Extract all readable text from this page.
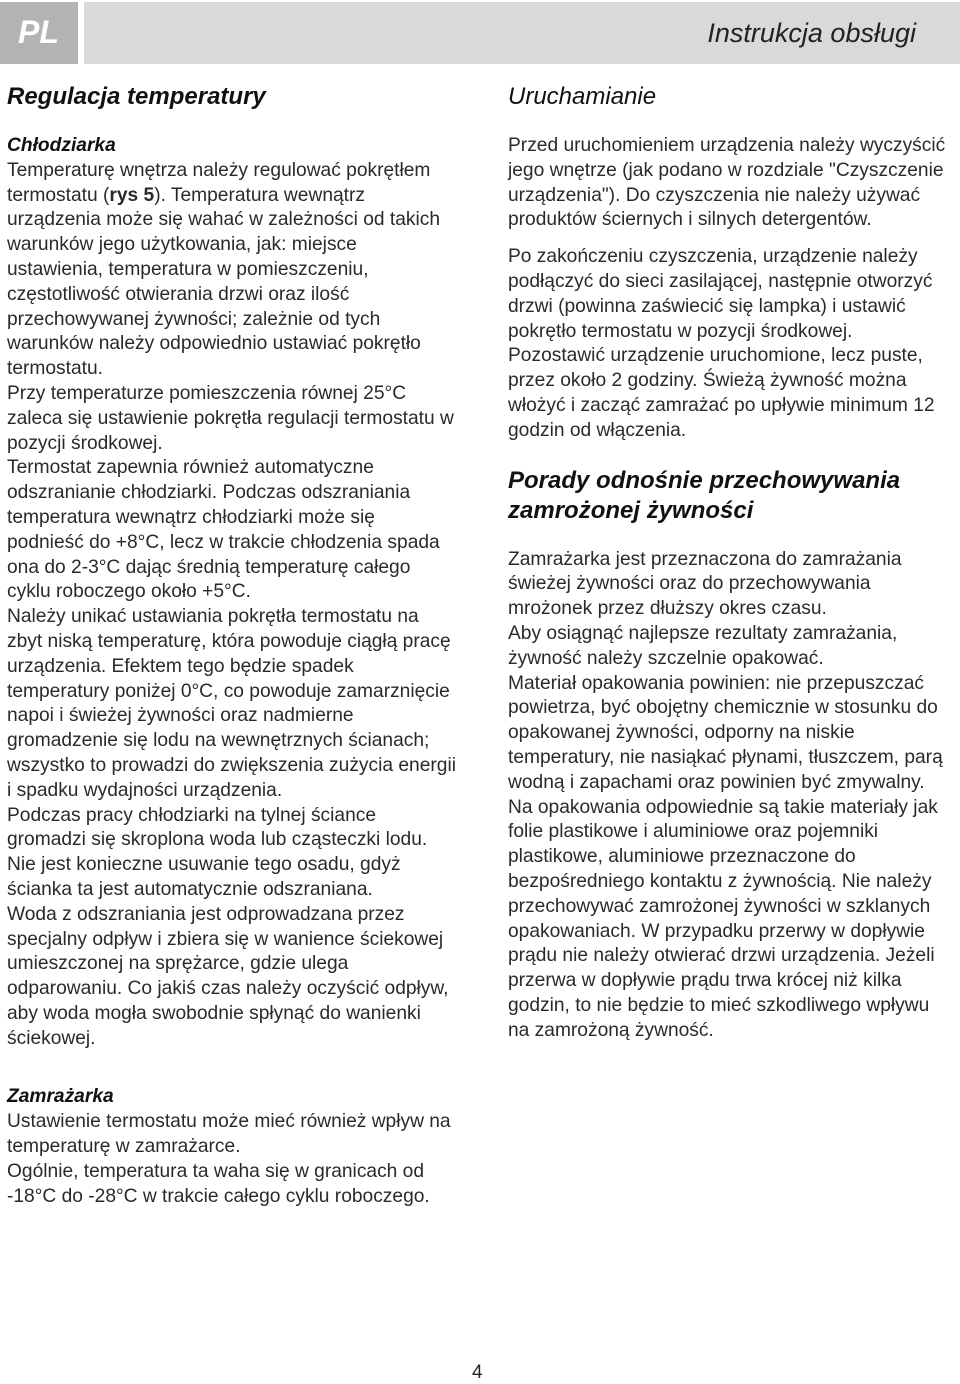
PL	Instrukcja obsługi
Regulacja temperatury
Chłodziarka

Temperaturę wnętrza należy regulować pokrętłem termostatu (rys 5). Temperatura wewnątrz urządzenia może się wahać w zależności od takich warunków jego użytkowania, jak: miejsce ustawienia, temperatura w pomieszczeniu, częstotliwość otwierania drzwi oraz ilość przechowywanej żywności; zależnie od tych warunków należy odpowiednio ustawiać pokrętło termostatu.

Przy temperaturze pomieszczenia równej 25°C zaleca się ustawienie pokrętła regulacji termostatu w pozycji środkowej.

Termostat zapewnia również automatyczne odszranianie chłodziarki. Podczas odszraniania temperatura wewnątrz chłodziarki może się podnieść do +8°C, lecz w trakcie chłodzenia spada ona do 2-3°C dając średnią temperaturę całego cyklu roboczego około +5°C.

Należy unikać ustawiania pokrętła termostatu na zbyt niską temperaturę, która powoduje ciągłą pracę urządzenia. Efektem tego będzie spadek temperatury poniżej 0°C, co powoduje zamarznięcie napoi i świeżej żywności oraz nadmierne gromadzenie się lodu na wewnętrznych ścianach; wszystko to prowadzi do zwiększenia zużycia energii i spadku wydajności urządzenia.

Podczas pracy chłodziarki na tylnej ściance gromadzi się skroplona woda lub cząsteczki lodu. Nie jest konieczne usuwanie tego osadu, gdyż ścianka ta jest automatycznie odszraniana.

Woda z odszraniania jest odprowadzana przez specjalny odpływ i zbiera się w wanience ściekowej umieszczonej na sprężarce, gdzie ulega odparowaniu. Co jakiś czas należy oczyścić odpływ, aby woda mogła swobodnie spłynąć do wanienki ściekowej.

Zamrażarka

Ustawienie termostatu może mieć również wpływ na temperaturę w zamrażarce.

Ogólnie, temperatura ta waha się w granicach od -18°C do -28°C w trakcie całego cyklu roboczego.

Uruchamianie

Przed uruchomieniem urządzenia należy wyczyścić jego wnętrze (jak podano w rozdziale "Czyszczenie urządzenia"). Do czyszczenia nie należy używać produktów ściernych i silnych detergentów.

Po zakończeniu czyszczenia, urządzenie należy podłączyć do sieci zasilającej, następnie otworzyć drzwi (powinna zaświecić się lampka) i ustawić pokrętło termostatu w pozycji środkowej. Pozostawić urządzenie uruchomione, lecz puste, przez około 2 godziny. Świeżą żywność można włożyć i zacząć zamrażać po upływie minimum 12 godzin od włączenia.

Porady odnośnie przechowywania zamrożonej żywności

Zamrażarka jest przeznaczona do zamrażania świeżej żywności oraz do przechowywania mrożonek przez dłuższy okres czasu.

Aby osiągnąć najlepsze rezultaty zamrażania, żywność należy szczelnie opakować.

Materiał opakowania powinien: nie przepuszczać powietrza, być obojętny chemicznie w stosunku do opakowanej żywności, odporny na niskie temperatury, nie nasiąkać płynami, tłuszczem, parą wodną i zapachami oraz powinien być zmywalny. Na opakowania odpowiednie są takie materiały jak folie plastikowe i aluminiowe oraz pojemniki plastikowe, aluminiowe przeznaczone do bezpośredniego kontaktu z żywnością. Nie należy przechowywać zamrożonej żywności w szklanych opakowaniach. W przypadku przerwy w dopływie prądu nie należy otwierać drzwi urządzenia. Jeżeli przerwa w dopływie prądu trwa krócej niż kilka godzin, to nie będzie to mieć szkodliwego wpływu na zamrożoną żywność.

4
